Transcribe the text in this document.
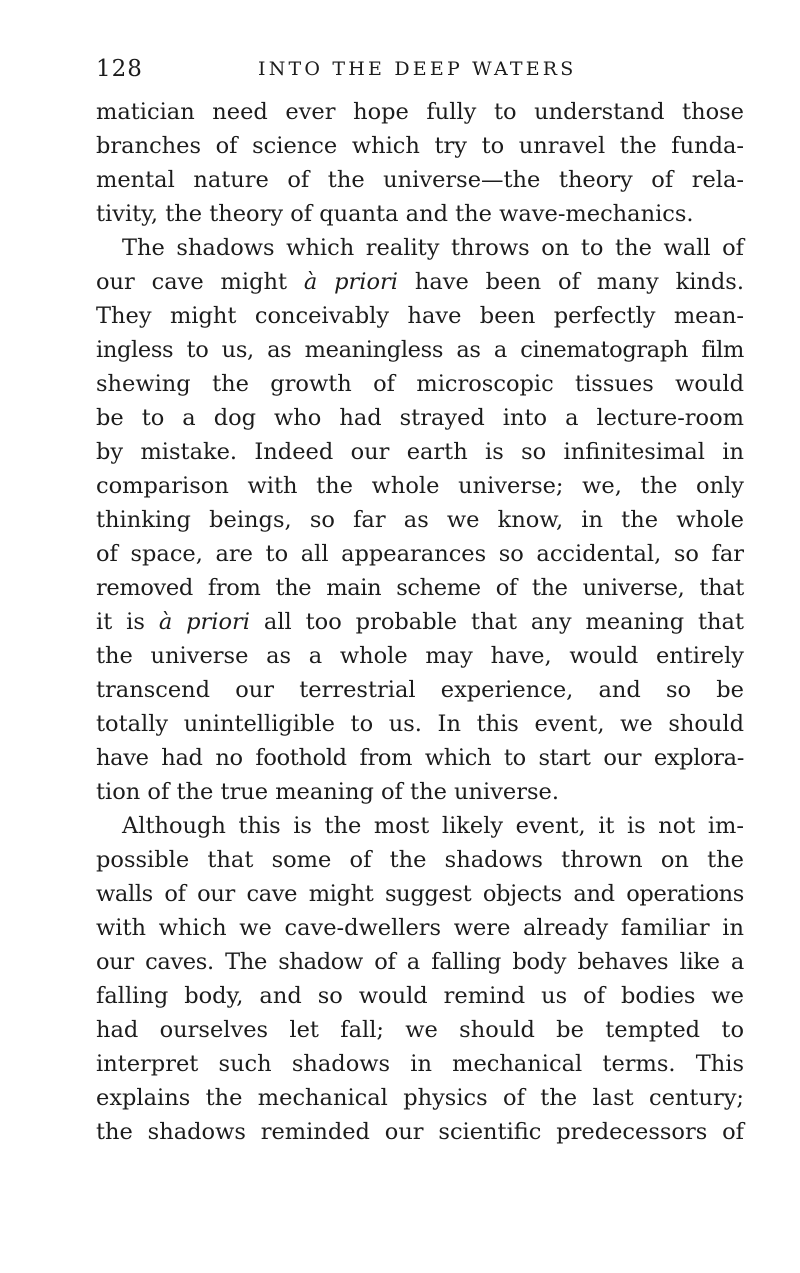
128	INTO THE DEEP WATERS
matician need ever hope fully to understand those
branches of science which try to unravel the funda-
mental nature of the universe—the theory of rela-
tivity, the theory of quanta and the wave-mechanics.
The shadows which reality throws on to the wall of
our cave might à priori have been of many kinds.
They might conceivably have been perfectly mean-
ingless to us, as meaningless as a cinematograph film
shewing the growth of microscopic tissues would
be to a dog who had strayed into a lecture-room
by mistake. Indeed our earth is so infinitesimal in
comparison with the whole universe; we, the only
thinking beings, so far as we know, in the whole
of space, are to all appearances so accidental, so far
removed from the main scheme of the universe, that
it is à priori all too probable that any meaning that
the universe as a whole may have, would entirely
transcend our terrestrial experience, and so be
totally unintelligible to us. In this event, we should
have had no foothold from which to start our explora-
tion of the true meaning of the universe.
Although this is the most likely event, it is not im-
possible that some of the shadows thrown on the
walls of our cave might suggest objects and operations
with which we cave-dwellers were already familiar in
our caves. The shadow of a falling body behaves like a
falling body, and so would remind us of bodies we
had ourselves let fall; we should be tempted to
interpret such shadows in mechanical terms. This
explains the mechanical physics of the last century;
the shadows reminded our scientific predecessors of
